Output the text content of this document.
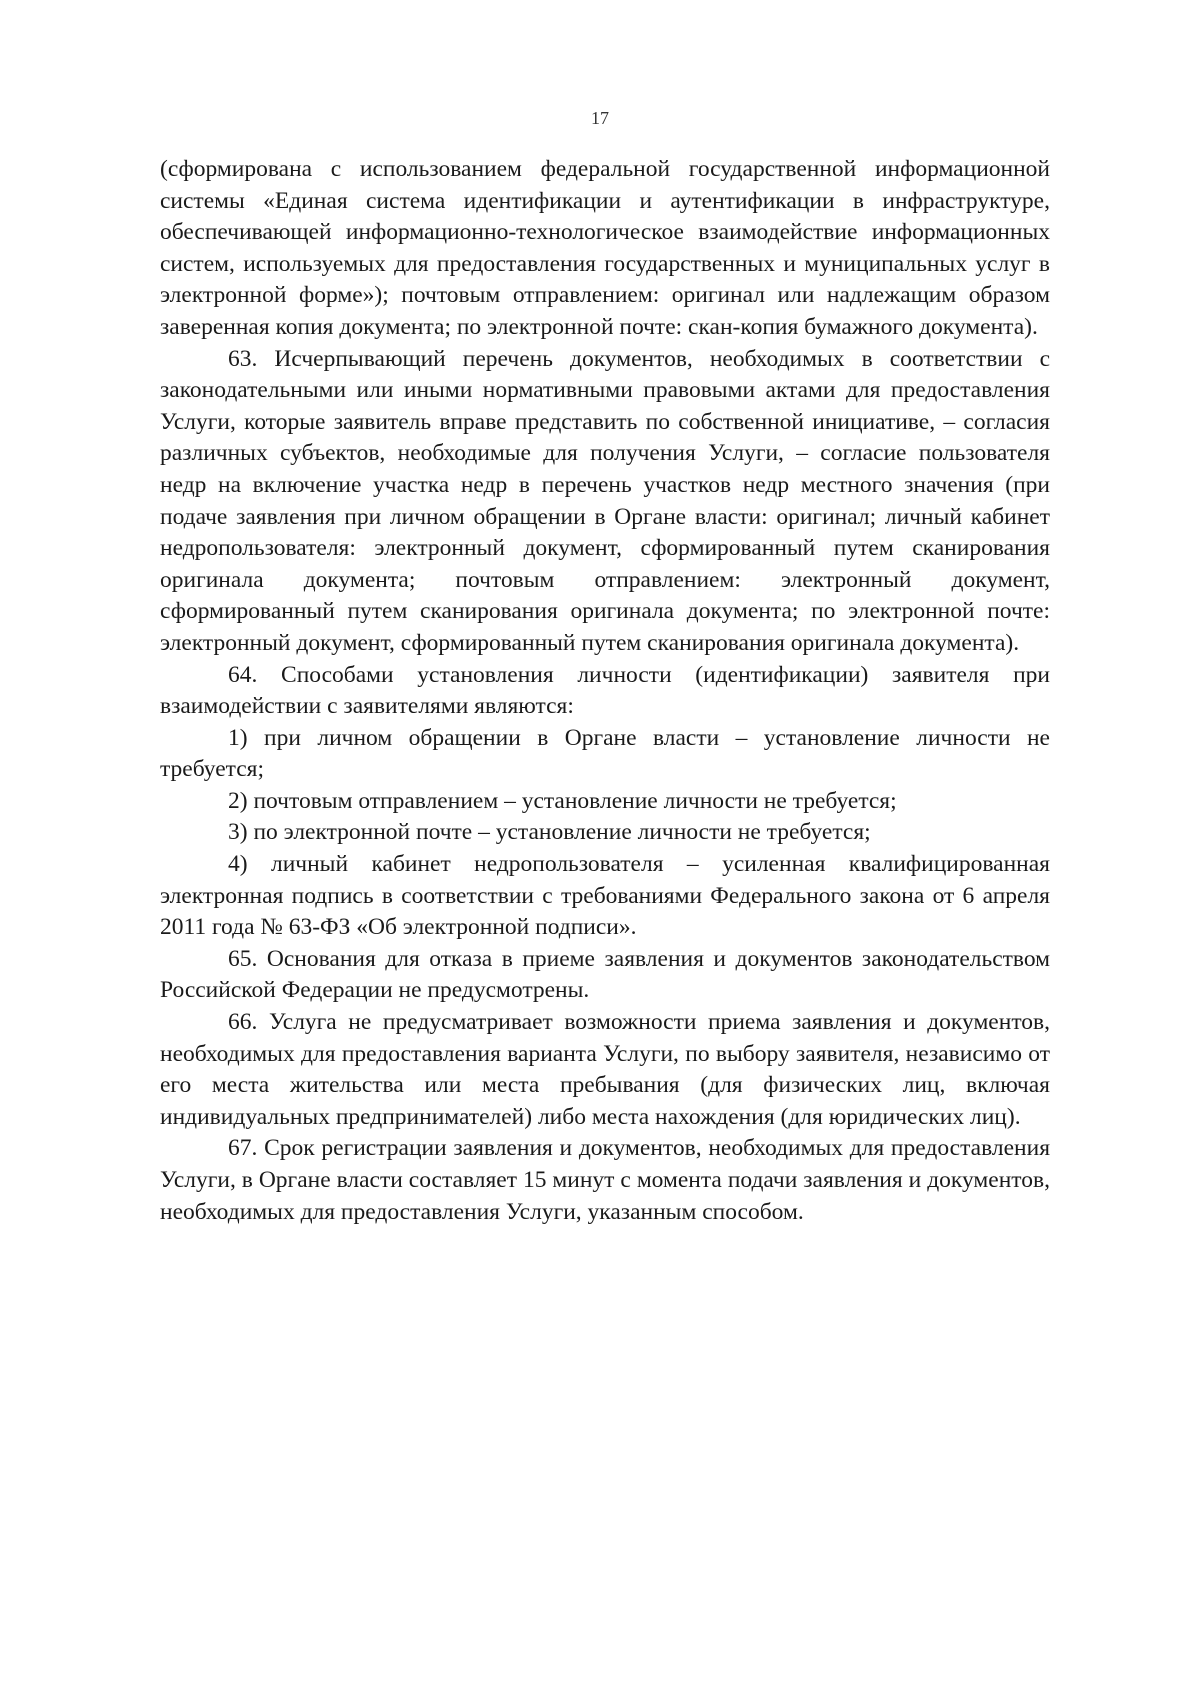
17

(сформирована с использованием федеральной государственной информационной системы «Единая система идентификации и аутентификации в инфраструктуре, обеспечивающей информационно-технологическое взаимодействие информационных систем, используемых для предоставления государственных и муниципальных услуг в электронной форме»); почтовым отправлением: оригинал или надлежащим образом заверенная копия документа; по электронной почте: скан-копия бумажного документа).

63. Исчерпывающий перечень документов, необходимых в соответствии с законодательными или иными нормативными правовыми актами для предоставления Услуги, которые заявитель вправе представить по собственной инициативе, – согласия различных субъектов, необходимые для получения Услуги, – согласие пользователя недр на включение участка недр в перечень участков недр местного значения (при подаче заявления при личном обращении в Органе власти: оригинал; личный кабинет недропользователя: электронный документ, сформированный путем сканирования оригинала документа; почтовым отправлением: электронный документ, сформированный путем сканирования оригинала документа; по электронной почте: электронный документ, сформированный путем сканирования оригинала документа).

64. Способами установления личности (идентификации) заявителя при взаимодействии с заявителями являются:

1) при личном обращении в Органе власти – установление личности не требуется;

2) почтовым отправлением – установление личности не требуется;

3) по электронной почте – установление личности не требуется;

4) личный кабинет недропользователя – усиленная квалифицированная электронная подпись в соответствии с требованиями Федерального закона от 6 апреля 2011 года № 63-ФЗ «Об электронной подписи».

65. Основания для отказа в приеме заявления и документов законодательством Российской Федерации не предусмотрены.

66. Услуга не предусматривает возможности приема заявления и документов, необходимых для предоставления варианта Услуги, по выбору заявителя, независимо от его места жительства или места пребывания (для физических лиц, включая индивидуальных предпринимателей) либо места нахождения (для юридических лиц).

67. Срок регистрации заявления и документов, необходимых для предоставления Услуги, в Органе власти составляет 15 минут с момента подачи заявления и документов, необходимых для предоставления Услуги, указанным способом.
